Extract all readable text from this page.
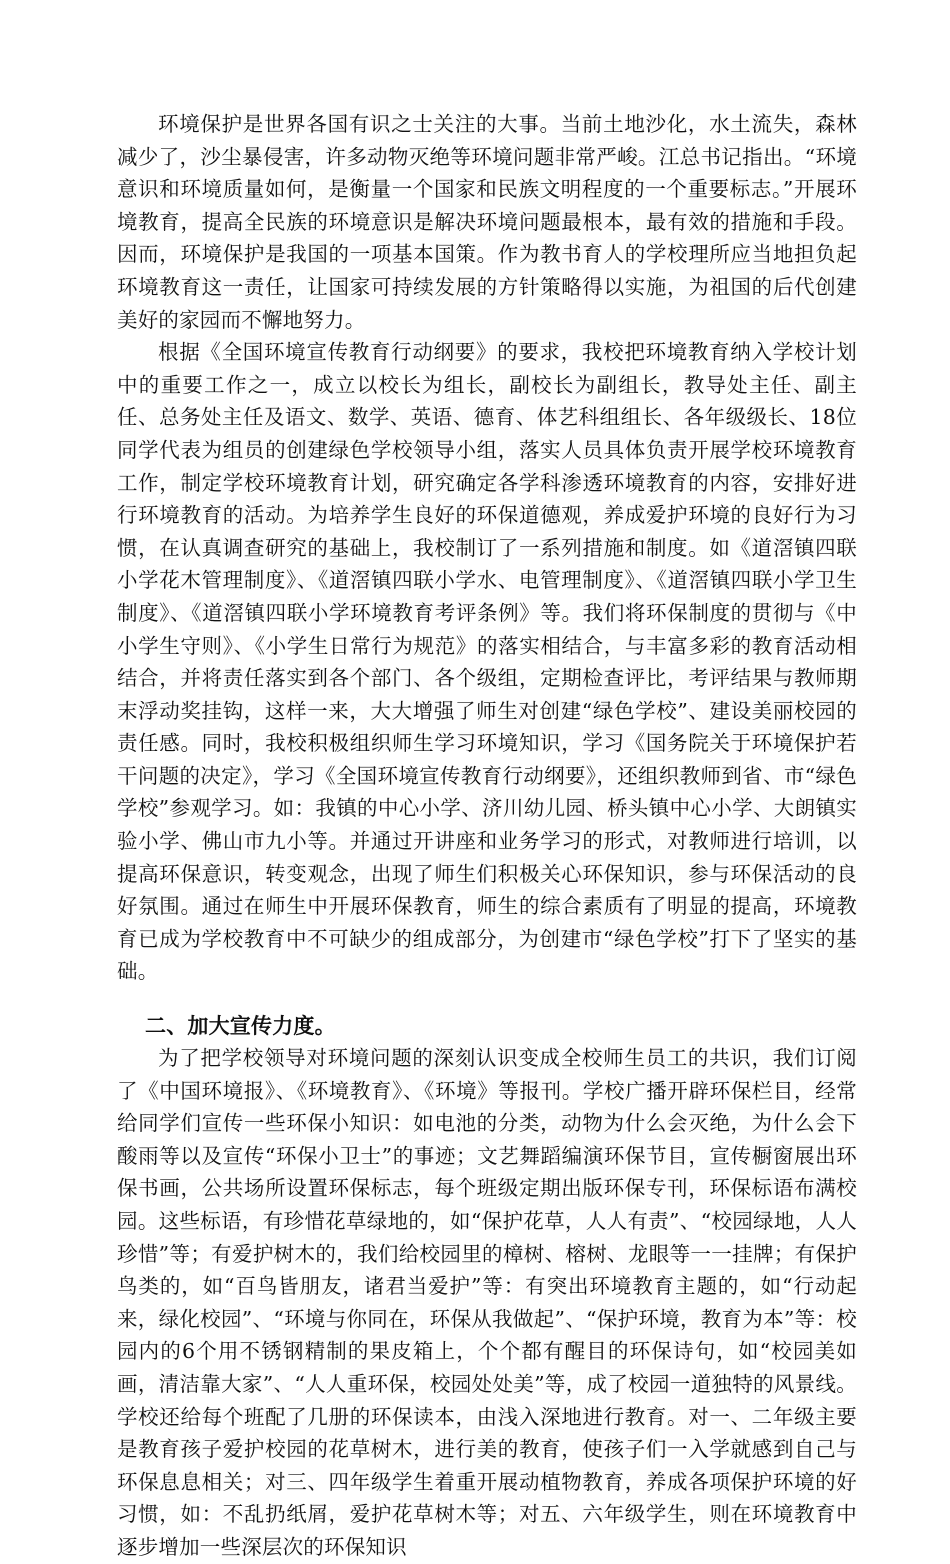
环境保护是世界各国有识之士关注的大事。当前土地沙化，水土流失，森林减少了，沙尘暴侵害，许多动物灭绝等环境问题非常严峻。江总书记指出。“环境意识和环境质量如何，是衡量一个国家和民族文明程度的一个重要标志。”开展环境教育，提高全民族的环境意识是解决环境问题最根本，最有效的措施和手段。因而，环境保护是我国的一项基本国策。作为教书育人的学校理所应当地担负起环境教育这一责任，让国家可持续发展的方针策略得以实施，为祖国的后代创建美好的家园而不懈地努力。

根据《全国环境宣传教育行动纲要》的要求，我校把环境教育纳入学校计划中的重要工作之一，成立以校长为组长，副校长为副组长，教导处主任、副主任、总务处主任及语文、数学、英语、德育、体艺科组组长、各年级级长、18位同学代表为组员的创建绿色学校领导小组，落实人员具体负责开展学校环境教育工作，制定学校环境教育计划，研究确定各学科渗透环境教育的内容，安排好进行环境教育的活动。为培养学生良好的环保道德观，养成爱护环境的良好行为习惯，在认真调查研究的基础上，我校制订了一系列措施和制度。如《道滘镇四联小学花木管理制度》、《道滘镇四联小学水、电管理制度》、《道滘镇四联小学卫生制度》、《道滘镇四联小学环境教育考评条例》等。我们将环保制度的贯彻与《中小学生守则》、《小学生日常行为规范》的落实相结合，与丰富多彩的教育活动相结合，并将责任落实到各个部门、各个级组，定期检查评比，考评结果与教师期末浮动奖挂钩，这样一来，大大增强了师生对创建“绿色学校”、建设美丽校园的责任感。同时，我校积极组织师生学习环境知识，学习《国务院关于环境保护若干问题的决定》，学习《全国环境宣传教育行动纲要》，还组织教师到省、市“绿色学校”参观学习。如：我镇的中心小学、济川幼儿园、桥头镇中心小学、大朗镇实验小学、佛山市九小等。并通过开讲座和业务学习的形式，对教师进行培训，以提高环保意识，转变观念，出现了师生们积极关心环保知识，参与环保活动的良好氛围。通过在师生中开展环保教育，师生的综合素质有了明显的提高，环境教育已成为学校教育中不可缺少的组成部分，为创建市“绿色学校”打下了坚实的基础。

二、加大宣传力度。

为了把学校领导对环境问题的深刻认识变成全校师生员工的共识，我们订阅了《中国环境报》、《环境教育》、《环境》等报刊。学校广播开辟环保栏目，经常给同学们宣传一些环保小知识：如电池的分类，动物为什么会灭绝，为什么会下酸雨等以及宣传“环保小卫士”的事迹；文艺舞蹈编演环保节目，宣传橱窗展出环保书画，公共场所设置环保标志，每个班级定期出版环保专刊，环保标语布满校园。这些标语，有珍惜花草绿地的，如“保护花草，人人有责”、“校园绿地，人人珍惜”等；有爱护树木的，我们给校园里的樟树、榕树、龙眼等一一挂牌；有保护鸟类的，如“百鸟皆朋友，诸君当爱护”等：有突出环境教育主题的，如“行动起来，绿化校园”、“环境与你同在，环保从我做起”、“保护环境，教育为本”等：校园内的6个用不锈钢精制的果皮箱上，个个都有醒目的环保诗句，如“校园美如画，清洁靠大家”、“人人重环保，校园处处美”等，成了校园一道独特的风景线。学校还给每个班配了几册的环保读本，由浅入深地进行教育。对一、二年级主要是教育孩子爱护校园的花草树木，进行美的教育，使孩子们一入学就感到自己与环保息息相关；对三、四年级学生着重开展动植物教育，养成各项保护环境的好习惯，如：不乱扔纸屑，爱护花草树木等；对五、六年级学生，则在环境教育中逐步增加一些深层次的环保知识
